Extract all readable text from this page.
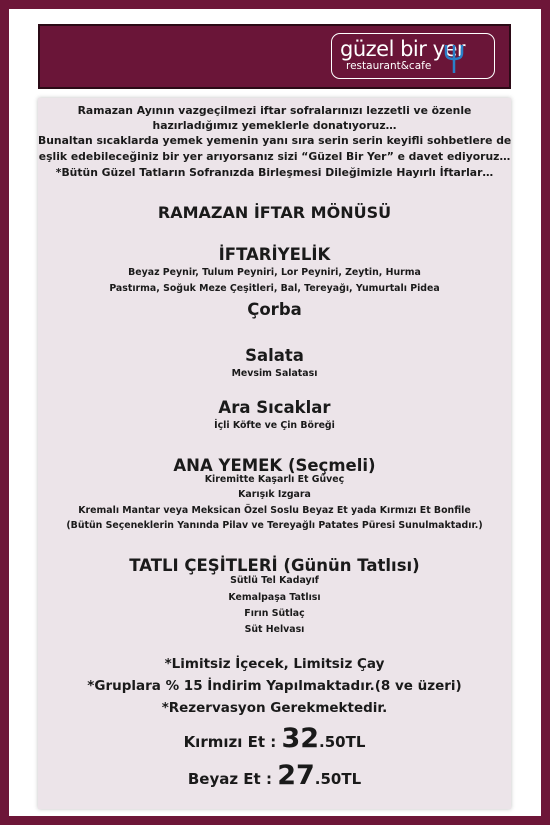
güzel bir yer
restaurant&cafe
Ramazan Ayının vazgeçilmezi iftar sofralarınızı lezzetli ve özenle
hazırladığımız yemeklerle donatıyoruz…
Bunaltan sıcaklarda yemek yemenin yanı sıra serin serin keyifli sohbetlere de
eşlik edebileceğiniz bir yer arıyorsanız sizi “Güzel Bir Yer” e davet ediyoruz…
*Bütün Güzel Tatların Sofranızda Birleşmesi Dileğimizle Hayırlı İftarlar…
RAMAZAN İFTAR MÖNÜSÜ
İFTARİYELİK
Beyaz Peynir, Tulum Peyniri, Lor Peyniri, Zeytin, Hurma
Pastırma, Soğuk Meze Çeşitleri, Bal, Tereyağı, Yumurtalı Pidea
Çorba
Salata
Mevsim Salatası
Ara Sıcaklar
İçli Köfte ve Çin Böreği
ANA YEMEK (Seçmeli)
Kiremitte Kaşarlı Et Güveç
Karışık Izgara
Kremalı Mantar veya Meksican Özel Soslu Beyaz Et yada Kırmızı Et Bonfile
(Bütün Seçeneklerin Yanında Pilav ve Tereyağlı Patates Püresi Sunulmaktadır.)
TATLI ÇEŞİTLERİ (Günün Tatlısı)
Sütlü Tel Kadayıf
Kemalpaşa Tatlısı
Fırın Sütlaç
Süt Helvası
*Limitsiz İçecek, Limitsiz Çay
*Gruplara % 15 İndirim Yapılmaktadır.(8 ve üzeri)
*Rezervasyon Gerekmektedir.
Kırmızı Et : 32.50TL
Beyaz Et : 27.50TL
